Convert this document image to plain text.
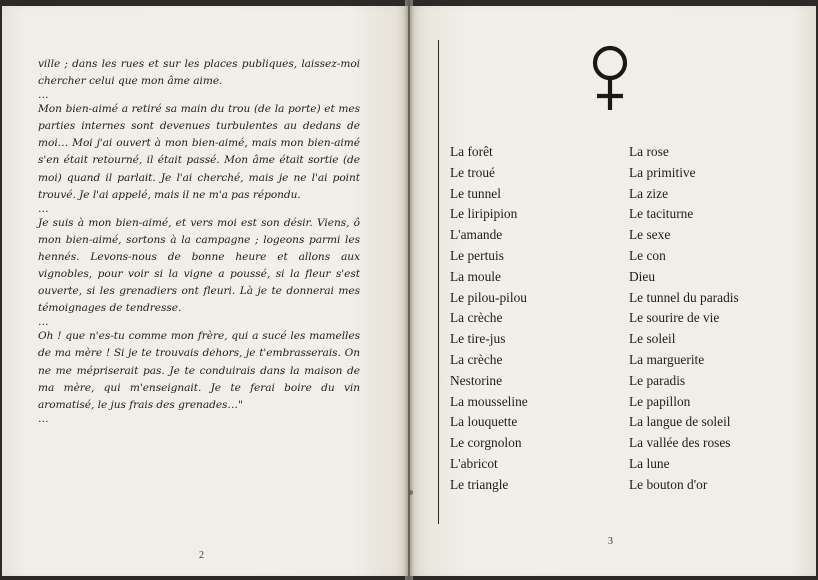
ville ; dans les rues et sur les places publiques, laissez-moi chercher celui que mon âme aime.

…

Mon bien-aimé a retiré sa main du trou (de la porte) et mes parties internes sont devenues turbulentes au dedans de moi… Moi j'ai ouvert à mon bien-aimé, mais mon bien-aimé s'en était retourné, il était passé. Mon âme était sortie (de moi) quand il parlait. Je l'ai cherché, mais je ne l'ai point trouvé. Je l'ai appelé, mais il ne m'a pas répondu.

…

Je suis à mon bien-aimé, et vers moi est son désir. Viens, ô mon bien-aimé, sortons à la campagne ; logeons parmi les hennés. Levons-nous de bonne heure et allons aux vignobles, pour voir si la vigne a poussé, si la fleur s'est ouverte, si les grenadiers ont fleuri. Là je te donnerai mes témoignages de tendresse.

…

Oh ! que n'es-tu comme mon frère, qui a sucé les mamelles de ma mère ! Si je te trouvais dehors, je t'embrasserais. On ne me mépriserait pas. Je te conduirais dans la maison de ma mère, qui m'enseignait. Je te ferai boire du vin aromatisé, le jus frais des grenades…"

…

2
La forêt
Le troué
Le tunnel
Le liripipion
L'amande
Le pertuis
La moule
Le pilou-pilou
La crèche
Le tire-jus
La crèche
Nestorine
La mousseline
La louquette
Le corgnolon
L'abricot
Le triangle
La rose
La primitive
La zize
Le taciturne
Le sexe
Le con
Dieu
Le tunnel du paradis
Le sourire de vie
Le soleil
La marguerite
Le paradis
Le papillon
La langue de soleil
La vallée des roses
La lune
Le bouton d'or
3
